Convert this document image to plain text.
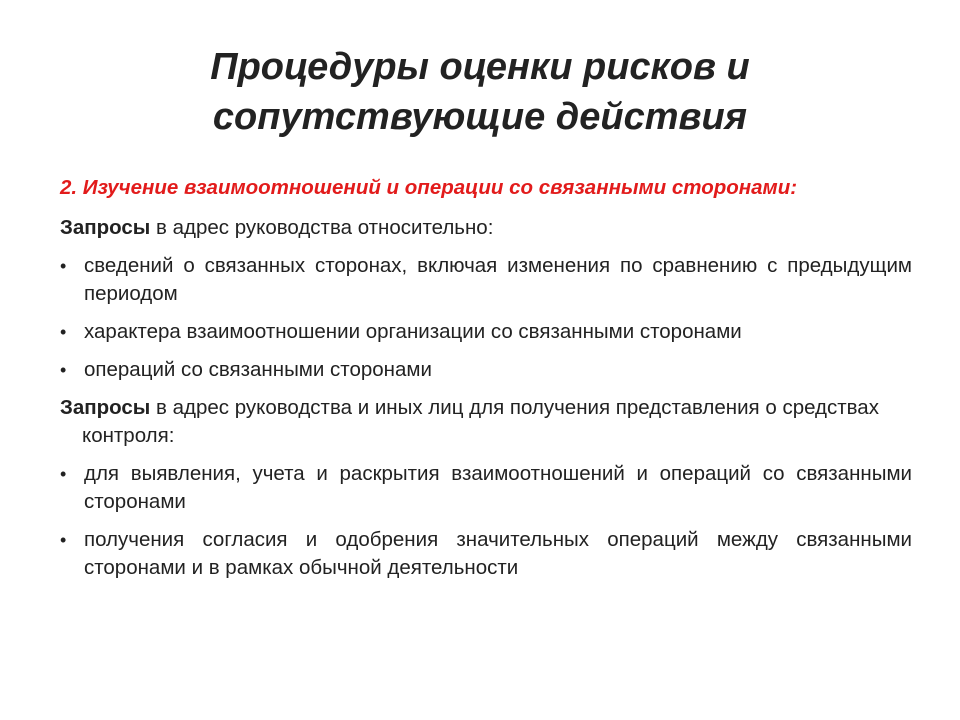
Процедуры оценки рисков и
сопутствующие действия

2. Изучение взаимоотношений и операции со связанными сторонами:

Запросы в адрес руководства относительно:

• сведений о связанных сторонах, включая изменения по сравнению с предыдущим периодом
• характера взаимоотношении организации со связанными сторонами
• операций со связанными сторонами

Запросы в адрес руководства и иных лиц для получения представления о средствах контроля:

• для выявления, учета и раскрытия взаимоотношений и операций со связанными сторонами
• получения согласия и одобрения значительных операций между связанными сторонами и в рамках обычной деятельности
